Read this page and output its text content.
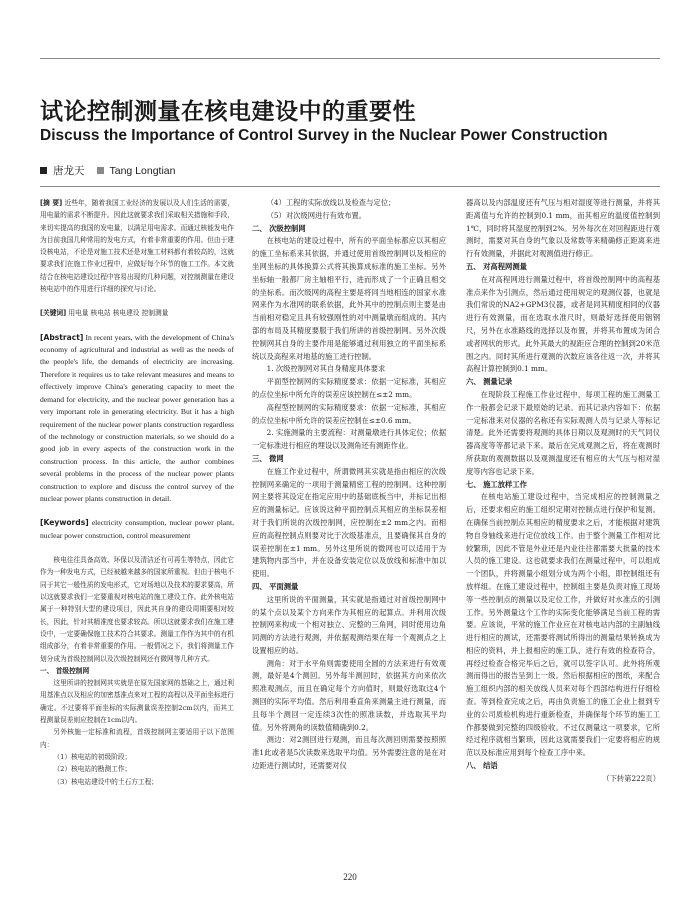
试论控制测量在核电建设中的重要性
Discuss the Importance of Control Survey in the Nuclear Power Construction
唐龙天 Tang Longtian

[摘 要] 近些年，随着我国工业经济的发展以及人们生活的需要，用电量的需求不断提升。因此这就要求我们采取相关措施和手段，来切实提高的我国的发电量，以满足用电需求。而通过核能发电作为目前我国几种常用的发电方式，有着非常重要的作用。但由于建设核电站，不论是对施工技术还是对施工材料都有着较高的，这就要求我们在施工作业过程中，应做好每个环节的施工工作。本文就结合在核电站建设过程中容易出现的几种问题，对控制测量在建设核电站中的作用进行详细的探究与讨论。

[关键词] 用电量 核电站 核电建设 控制测量

[Abstract] In recent years, with the development of China's economy of agricultural and industrial as well as the needs of the people's life, the demands of electricity are increasing. Therefore it requires us to take relevant measures and means to effectively improve China's generating capacity to meet the demand for electricity, and the nuclear power generation has a very important role in generating electricity. But it has a high requirement of the nuclear power plants construction regardless of the technology or construction materials, so we should do a good job in every aspects of the construction work in the construction process. In this article, the author combines several problems in the process of the nuclear power plants construction to explore and discuss the control survey of the nuclear power plants construction in detail.

[Keywords] electricity consumption, nuclear power plant, nuclear power construction, control measurement

核电往往具备高效、环保以及清洁还有可再生等特点，因此它作为一种发电方式，已经被越来越多的国家所重视。但由于核电不同于其它一般性质的发电形式，它对场地以及技术的要求要高，所以这就要求我们一定要重视对核电站的施工建设工作。此外核电站属于一种特别大型的建设项目，因此其自身的建设周期要相对较长，因此，针对其精准度也要求较高。所以这就要求我们在施工建设中，一定要确保施工技术符合其要求。测量工作作为其中的有机组成部分，有着非常重要的作用。一般情况之下，我们将测量工作划分成为首级控制网以及次级控制网还有微网等几种方式。

一、 首级控制网

这里所讲的控制网其实就是在原先国家网的基础之上，通过利用基准点以及相应的加密基准点来对工程的高程以及平面坐标进行确定。不过要将平面坐标的实际测量误差控制2cm以内，而其工程测量误差则应控制在1cm以内。

另外核施一定标准和流程，首级控制网主要适用于以下范围内：

（1）核电站的初级阶段；

（2）核电站的勘测工作；

（3）核电站建设中的土石方工程；

（4）工程的实际放线以及检查与定位；

（5）对次级网进行有效布置。

二、 次级控制网

在核电站的建设过程中，所有的平面坐标都应以其相应的施工坐标系来其依据，并通过使用首级控制网以及相应的坐网坐标的具体换算公式将其换算成标准的施工坐标。另外坐标轴一般都厂房主轴相平行，进而形成了一个正确且相交的坐标系。而次级网的高程主要是将同当地相连的国家水准网来作为水准网的联系依据，此外其中的控制点则主要是由当前相对稳定且具有较强刚性的对中测量墩而组成的。其内部的布局及其精度要服于我们所讲的首级控制网。另外次级控制网其自身的主要作用是能够通过利用独立的平面坐标系统以及高程来对地基的施工进行控制。

1. 次级控制网对其自身精度具体要求

平面型控制网的实际精度要求：依据一定标准，其相应的点位坐标中所允许的误差应该控制在≤±2 mm。

高程型控制网的实际精度要求：依据一定标准，其相应的点位坐标中所允许的误差应控制在≤±0.6 mm。

2. 实施测量的主要流程：对测量墩进行具体定位；依据一定标准进行相应的埋设以及测角还有测距作业。

三、 微网

在施工作业过程中，所谓微网其实就是指由相应的次级控制网来确定的一项用于测量精密工程的控制网。这种控制网主要将其设定在指定应用中的基础底板当中，并标记出相应的测量标记。应该说这种平面控制点其相应的坐标误差相对于我们所说的次级控制网，应控制在±2 mm之内。而相应的高程控制点则要对比于次级基准点，且要确保其自身的误差控制在±1 mm。另外这里所说的微网也可以适用于为建筑物内部当中，并在设备安装定位以及放线和标准中加以使用。

四、 平面测量

这里所说的平面测量，其实就是指通过对首级控制网中的某个点以及某个方向来作为其相应的起算点。并利用次级控制网来构成一个相对独立、完整的三角网，同时使用边角同测的方法进行观测，并依据观测结果在每一个观测点之上设置相应的站。

测角：对于水平角则需要使用全圆的方法来进行有效观测，最好是4个测回。另外每半测回时，依据其方向来依次照准观测点，而且在确定每个方向值时，则最好选取这4个测回的实际平均值。然后利用垂直角来测量主进行测量，而且每半个测回一定连续3次性的照准读数，并选取其平均值。另外将测角的读数值精确到0.2。

测边：对2测回进行观测，而且每次测回则需要按照照准1此或者是5次读数来选取平均值。另外需要注意的是在对边距进行测试时，还需要对仪

器高以及内部温度还有气压与相对湿度等进行测量，并将其距离值与允许的控制到0.1 mm，而其相应的温度值控制到1℃，同时将其湿度控制到2%。另外每次在对回程距进行观测时，需要对其自身的气象以及常数等来精确修正距离来进行有效测量，并据此对观测值进行修正。

五、 对高程网测量

在对高程网进行测量过程中，将首级控制网中的高程基准点来作为引测点，然后通过使用规定的观测仪器，也就是我们常说的NA2+GPM3仪器，或者是同其精度相同的仪器进行有效测量，而在选取水准尺时，则最好选择使用铟钢尺，另外在水准路线的选择以及布置，并将其布置成为闭合或者网状的形式。此外其最大的视距应合理的控制到20米范围之内。同时其所进行观测的次数应该各往返一次，并将其高程计算控制到0.1 mm。

六、 测量记录

在现阶段工程施工作业过程中，每项工程的施工测量工作一般都会记录下最原始的记录。而其记录内容如下：依据一定标准来对仪器的名称还有实际观测人员与记录人等标记清楚。此外还需要将观测的具体日期以及观测时的天气同仪器高度等等都记录下来。最后在完成观测之后，将在观测时所获取的观测数据以及观测温度还有相应的大气压与相对湿度等内容也记录下来。

七、 施工放样工作

在核电站施工建设过程中，当完成相应的控制测量之后，还要求相应的施工组织定期对控制点进行保护和复测。在确保当前控制点其相应的精度要求之后，才能根据对建筑物自身轴线来进行定位放线工作。由于整个测量工作相对比较繁琐，因此不管是外业还是内业往往都需要大批量的技术人员的施工建设。这也就要求我们在测量过程中，可以组成一个团队，并将测量小组划分成为两个小组，即控制组还有放样组。在施工建设过程中，控制组主要是负责对施工现场等一些控制点的测量以及定位工作，并做好对水准点的引测工作。另外测量这个工作的实际变化能够满足当前工程的需要。应该说，平常的施工作业应在对核电站内部的主副轴线进行相应的测试，还需要将测试所得出的测量结果转换成为相应的资料，并上报相应的施工队，进行有效的检查符合，再经过检查合格完毕后之后，就可以签字认可。此外将所观测而得出的报告呈到上一级。然后根据相应的图纸，来配合施工组织内部的相关放线人员来对每个西部结构进行仔细检查。等到检查完成之后，再由负责施工的施工企业上报到专业的公司质检机构进行重新检查，并确保每个环节的施工工作都要做到完整的四级验收。不过仅测量这一项要求，它所经过程序就相当繁琐，因此这就需要我们一定要将相应的规范以及标准应用到每个检查工序中来。

八、 结语

（下转第222页）

220
